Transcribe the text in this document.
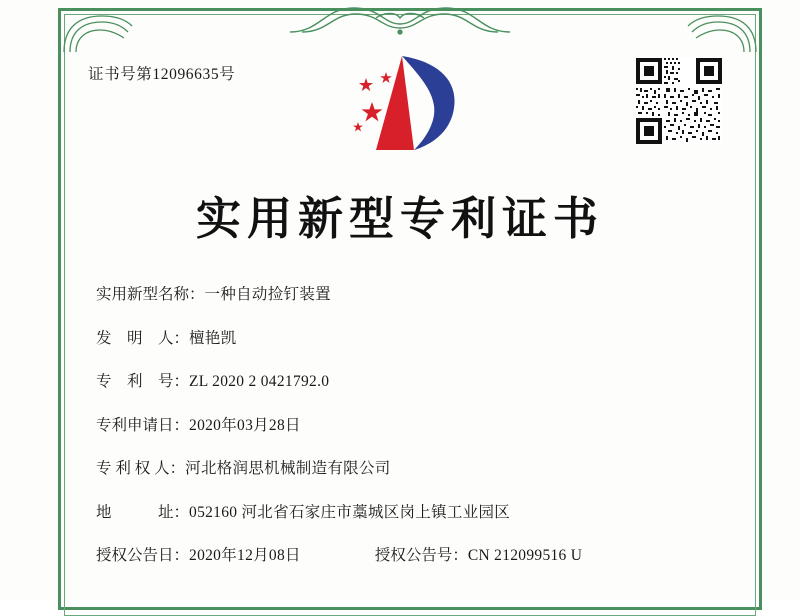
证书号第12096635号
实用新型专利证书
实用新型名称： 一种自动捡钉装置
发　明　人： 檀艳凯
专　利　号： ZL 2020 2 0421792.0
专利申请日： 2020年03月28日
专 利 权 人： 河北格润思机械制造有限公司
地　　　址： 052160 河北省石家庄市藁城区岗上镇工业园区
授权公告日： 2020年12月08日	授权公告号： CN 212099516 U
